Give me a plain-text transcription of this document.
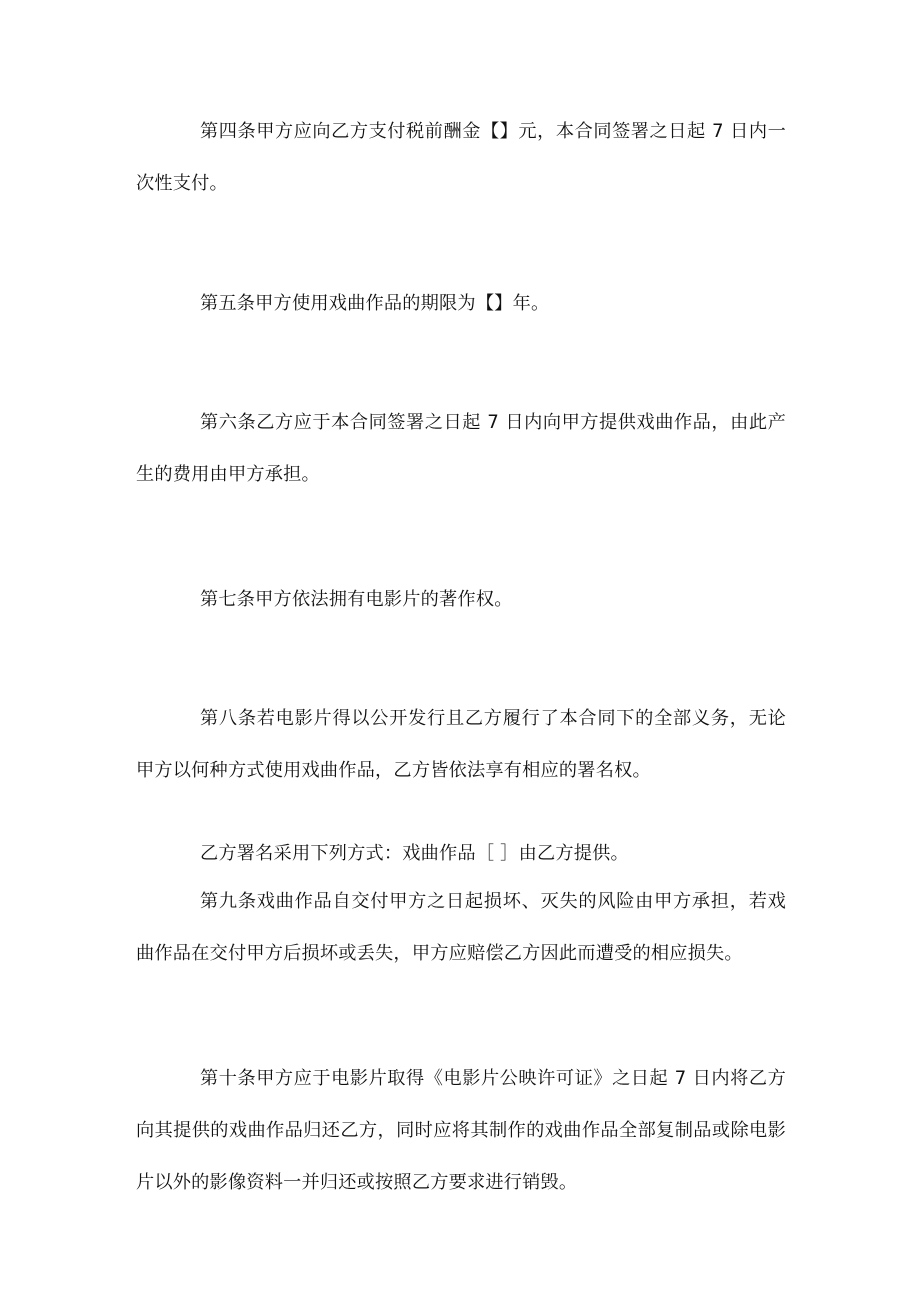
第四条甲方应向乙方支付税前酬金【】元，本合同签署之日起 7 日内一次性支付。

第五条甲方使用戏曲作品的期限为【】年。

第六条乙方应于本合同签署之日起 7 日内向甲方提供戏曲作品，由此产生的费用由甲方承担。

第七条甲方依法拥有电影片的著作权。

第八条若电影片得以公开发行且乙方履行了本合同下的全部义务，无论甲方以何种方式使用戏曲作品，乙方皆依法享有相应的署名权。

乙方署名采用下列方式：戏曲作品［ ］由乙方提供。

第九条戏曲作品自交付甲方之日起损坏、灭失的风险由甲方承担，若戏曲作品在交付甲方后损坏或丢失，甲方应赔偿乙方因此而遭受的相应损失。

第十条甲方应于电影片取得《电影片公映许可证》之日起 7 日内将乙方向其提供的戏曲作品归还乙方，同时应将其制作的戏曲作品全部复制品或除电影片以外的影像资料一并归还或按照乙方要求进行销毁。
